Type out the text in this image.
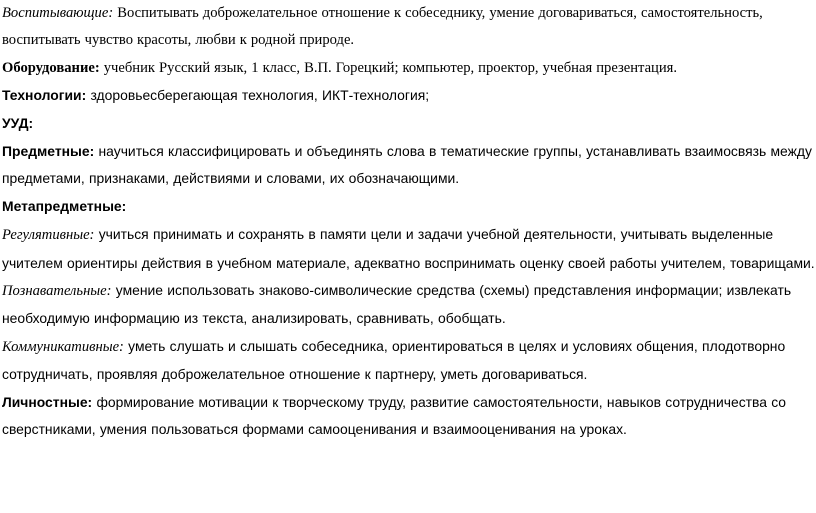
Воспитывающие: Воспитывать доброжелательное отношение к собеседнику, умение договариваться, самостоятельность, воспитывать чувство красоты, любви к родной природе.

Оборудование: учебник Русский язык, 1 класс, В.П. Горецкий; компьютер, проектор, учебная презентация.

Технологии: здоровьесберегающая технология, ИКТ-технология;

УУД:

Предметные: научиться классифицировать и объединять слова в тематические группы, устанавливать взаимосвязь между предметами, признаками, действиями и словами, их обозначающими.

Метапредметные:

Регулятивные: учиться принимать и сохранять в памяти цели и задачи учебной деятельности, учитывать выделенные учителем ориентиры действия в учебном материале, адекватно воспринимать оценку своей работы учителем, товарищами.

Познавательные: умение использовать знаково-символические средства (схемы) представления информации; извлекать необходимую информацию из текста, анализировать, сравнивать, обобщать.

Коммуникативные: уметь слушать и слышать собеседника, ориентироваться в целях и условиях общения, плодотворно сотрудничать, проявляя доброжелательное отношение к партнеру, уметь договариваться.

Личностные: формирование мотивации к творческому труду, развитие самостоятельности, навыков сотрудничества со сверстниками, умения пользоваться формами самооценивания и взаимооценивания на уроках.
